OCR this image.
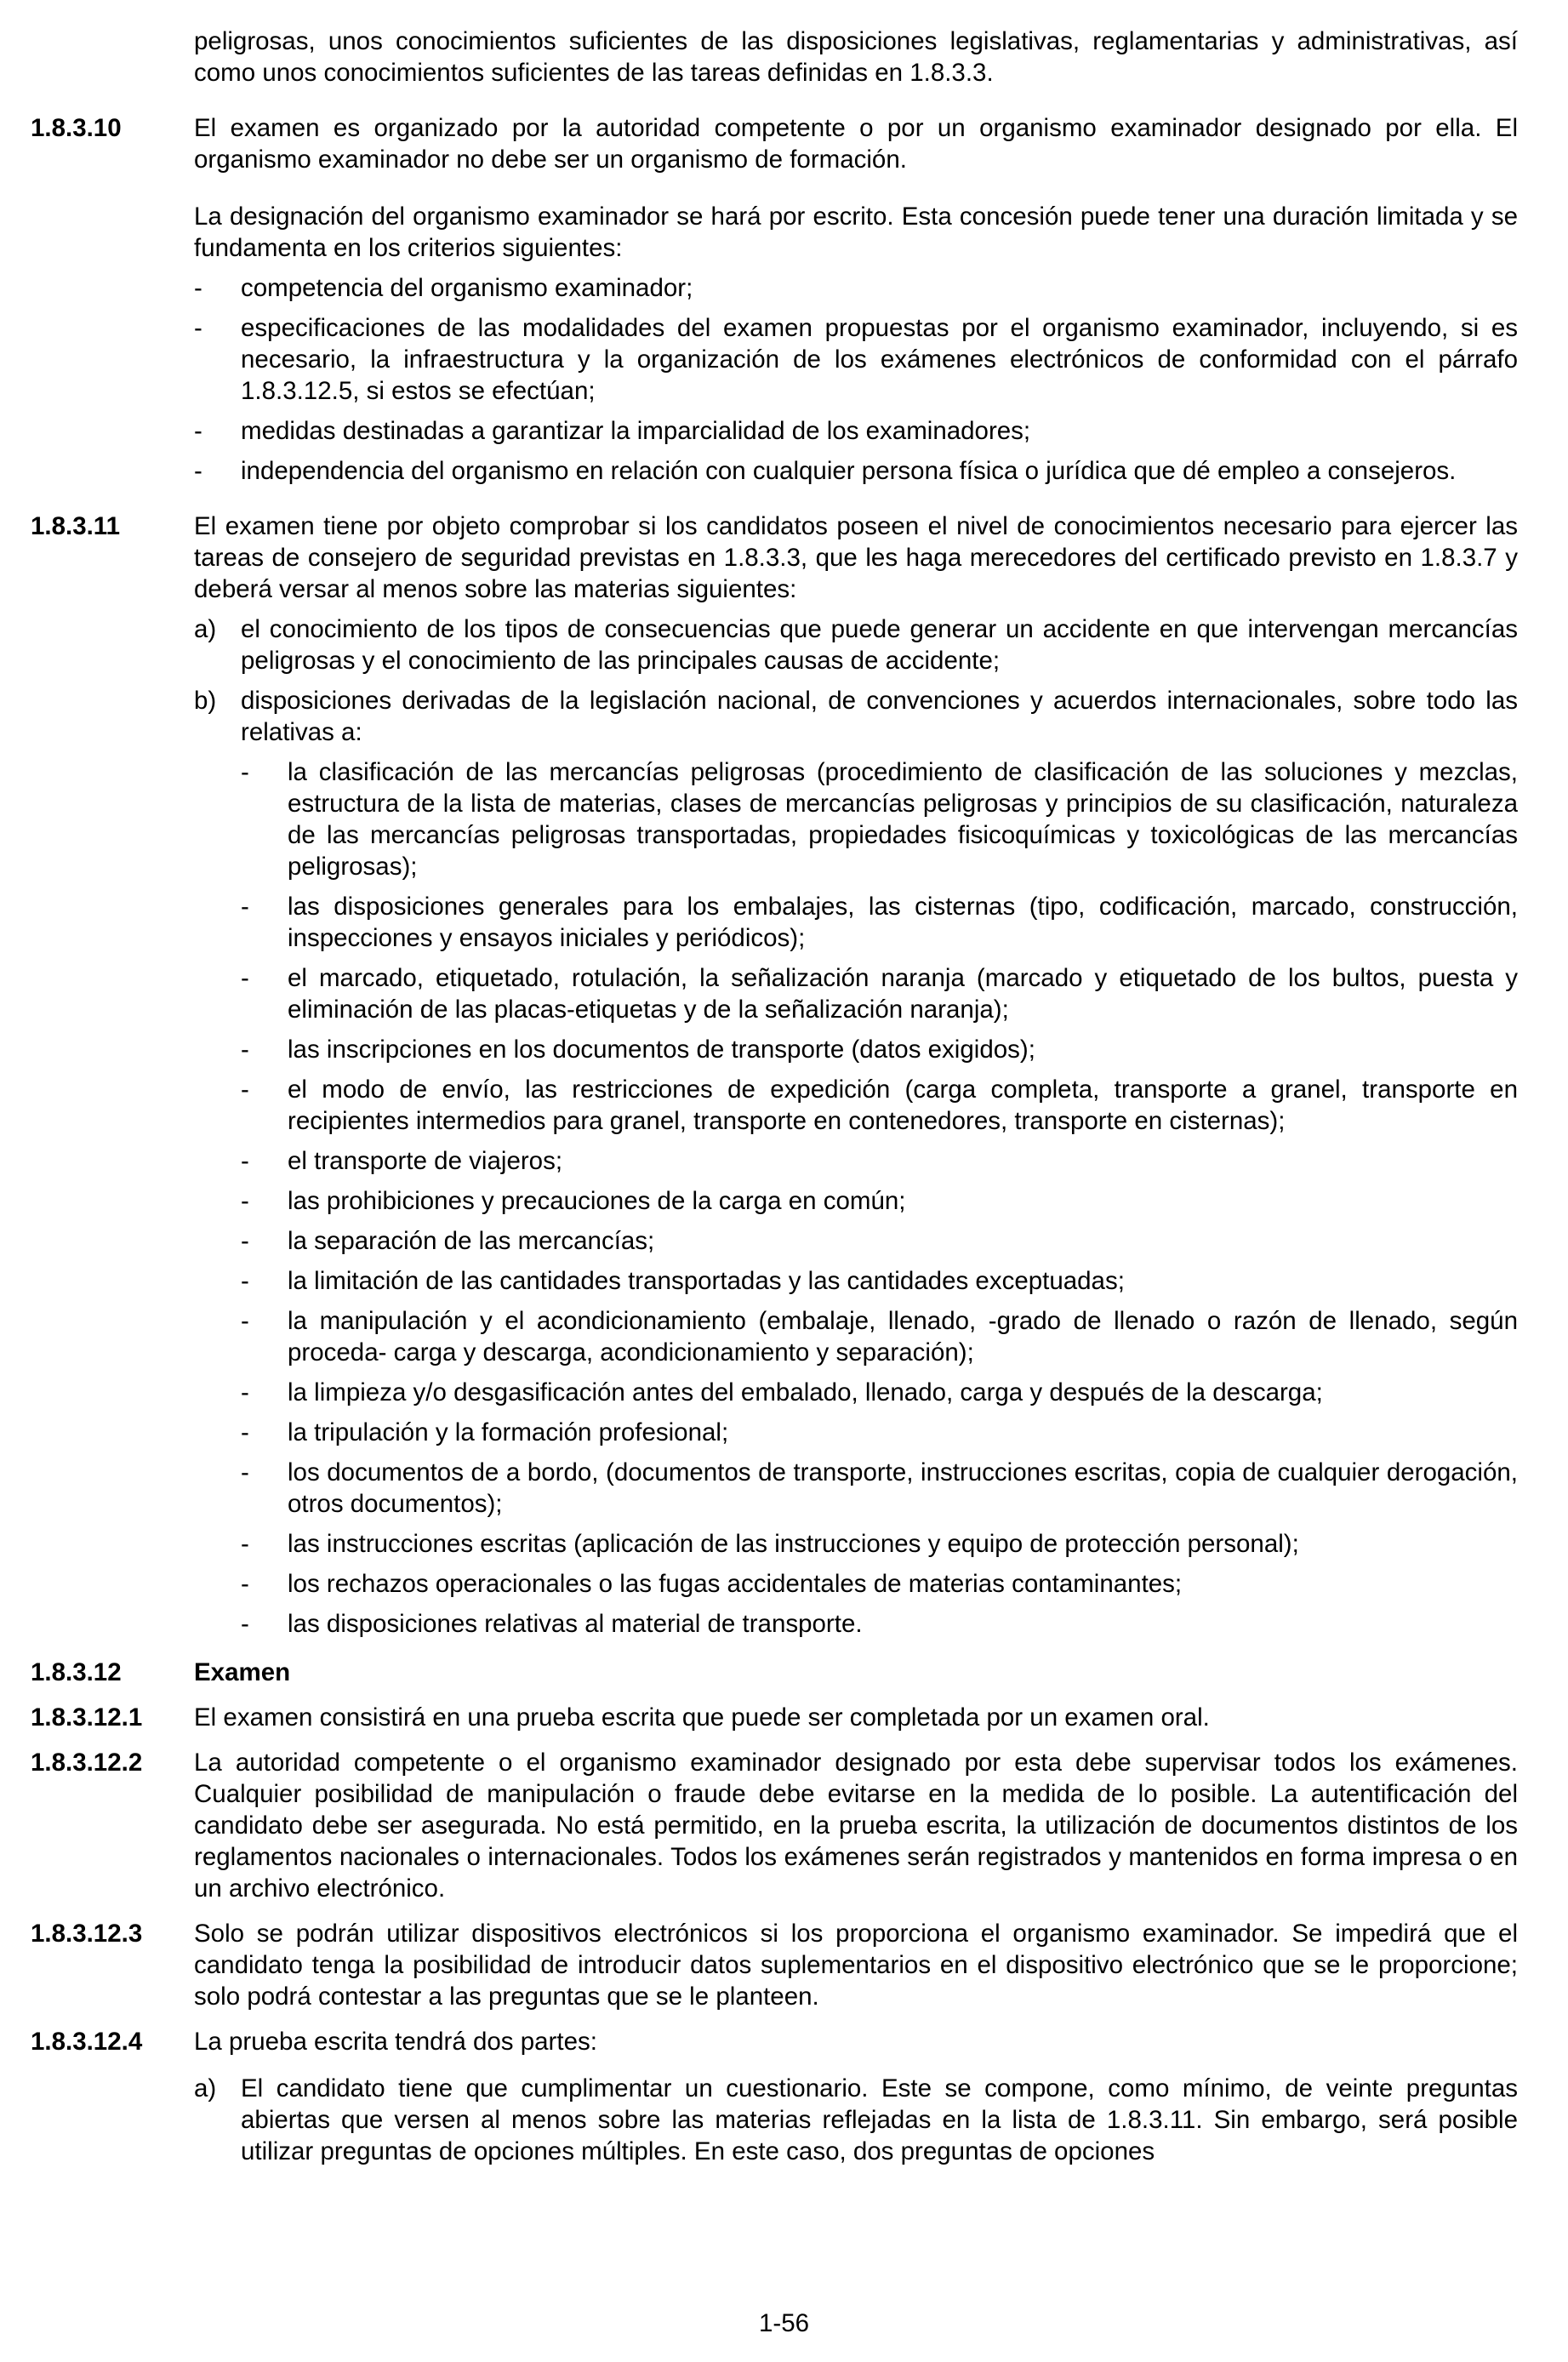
peligrosas, unos conocimientos suficientes de las disposiciones legislativas, reglamentarias y administrativas, así como unos conocimientos suficientes de las tareas definidas en 1.8.3.3.

1.8.3.10	El examen es organizado por la autoridad competente o por un organismo examinador designado por ella. El organismo examinador no debe ser un organismo de formación.

La designación del organismo examinador se hará por escrito. Esta concesión puede tener una duración limitada y se fundamenta en los criterios siguientes:

- competencia del organismo examinador;
- especificaciones de las modalidades del examen propuestas por el organismo examinador, incluyendo, si es necesario, la infraestructura y la organización de los exámenes electrónicos de conformidad con el párrafo 1.8.3.12.5, si estos se efectúan;
- medidas destinadas a garantizar la imparcialidad de los examinadores;
- independencia del organismo en relación con cualquier persona física o jurídica que dé empleo a consejeros.
1.8.3.11	El examen tiene por objeto comprobar si los candidatos poseen el nivel de conocimientos necesario para ejercer las tareas de consejero de seguridad previstas en 1.8.3.3, que les haga merecedores del certificado previsto en 1.8.3.7 y deberá versar al menos sobre las materias siguientes:

a) el conocimiento de los tipos de consecuencias que puede generar un accidente en que intervengan mercancías peligrosas y el conocimiento de las principales causas de accidente;
b) disposiciones derivadas de la legislación nacional, de convenciones y acuerdos internacionales, sobre todo las relativas a:
- la clasificación de las mercancías peligrosas (procedimiento de clasificación de las soluciones y mezclas, estructura de la lista de materias, clases de mercancías peligrosas y principios de su clasificación, naturaleza de las mercancías peligrosas transportadas, propiedades fisicoquímicas y toxicológicas de las mercancías peligrosas);
- las disposiciones generales para los embalajes, las cisternas (tipo, codificación, marcado, construcción, inspecciones y ensayos iniciales y periódicos);
- el marcado, etiquetado, rotulación, la señalización naranja (marcado y etiquetado de los bultos, puesta y eliminación de las placas-etiquetas y de la señalización naranja);
- las inscripciones en los documentos de transporte (datos exigidos);
- el modo de envío, las restricciones de expedición (carga completa, transporte a granel, transporte en recipientes intermedios para granel, transporte en contenedores, transporte en cisternas);
- el transporte de viajeros;
- las prohibiciones y precauciones de la carga en común;
- la separación de las mercancías;
- la limitación de las cantidades transportadas y las cantidades exceptuadas;
- la manipulación y el acondicionamiento (embalaje, llenado, -grado de llenado o razón de llenado, según proceda- carga y descarga, acondicionamiento y separación);
- la limpieza y/o desgasificación antes del embalado, llenado, carga y después de la descarga;
- la tripulación y la formación profesional;
- los documentos de a bordo, (documentos de transporte, instrucciones escritas, copia de cualquier derogación, otros documentos);
- las instrucciones escritas (aplicación de las instrucciones y equipo de protección personal);
- los rechazos operacionales o las fugas accidentales de materias contaminantes;
- las disposiciones relativas al material de transporte.
1.8.3.12	Examen

1.8.3.12.1 El examen consistirá en una prueba escrita que puede ser completada por un examen oral.

1.8.3.12.2 La autoridad competente o el organismo examinador designado por esta debe supervisar todos los exámenes. Cualquier posibilidad de manipulación o fraude debe evitarse en la medida de lo posible. La autentificación del candidato debe ser asegurada. No está permitido, en la prueba escrita, la utilización de documentos distintos de los reglamentos nacionales o internacionales. Todos los exámenes serán registrados y mantenidos en forma impresa o en un archivo electrónico.

1.8.3.12.3 Solo se podrán utilizar dispositivos electrónicos si los proporciona el organismo examinador. Se impedirá que el candidato tenga la posibilidad de introducir datos suplementarios en el dispositivo electrónico que se le proporcione; solo podrá contestar a las preguntas que se le planteen.

1.8.3.12.4 La prueba escrita tendrá dos partes:

a) El candidato tiene que cumplimentar un cuestionario. Este se compone, como mínimo, de veinte preguntas abiertas que versen al menos sobre las materias reflejadas en la lista de 1.8.3.11. Sin embargo, será posible utilizar preguntas de opciones múltiples. En este caso, dos preguntas de opciones
1-56
